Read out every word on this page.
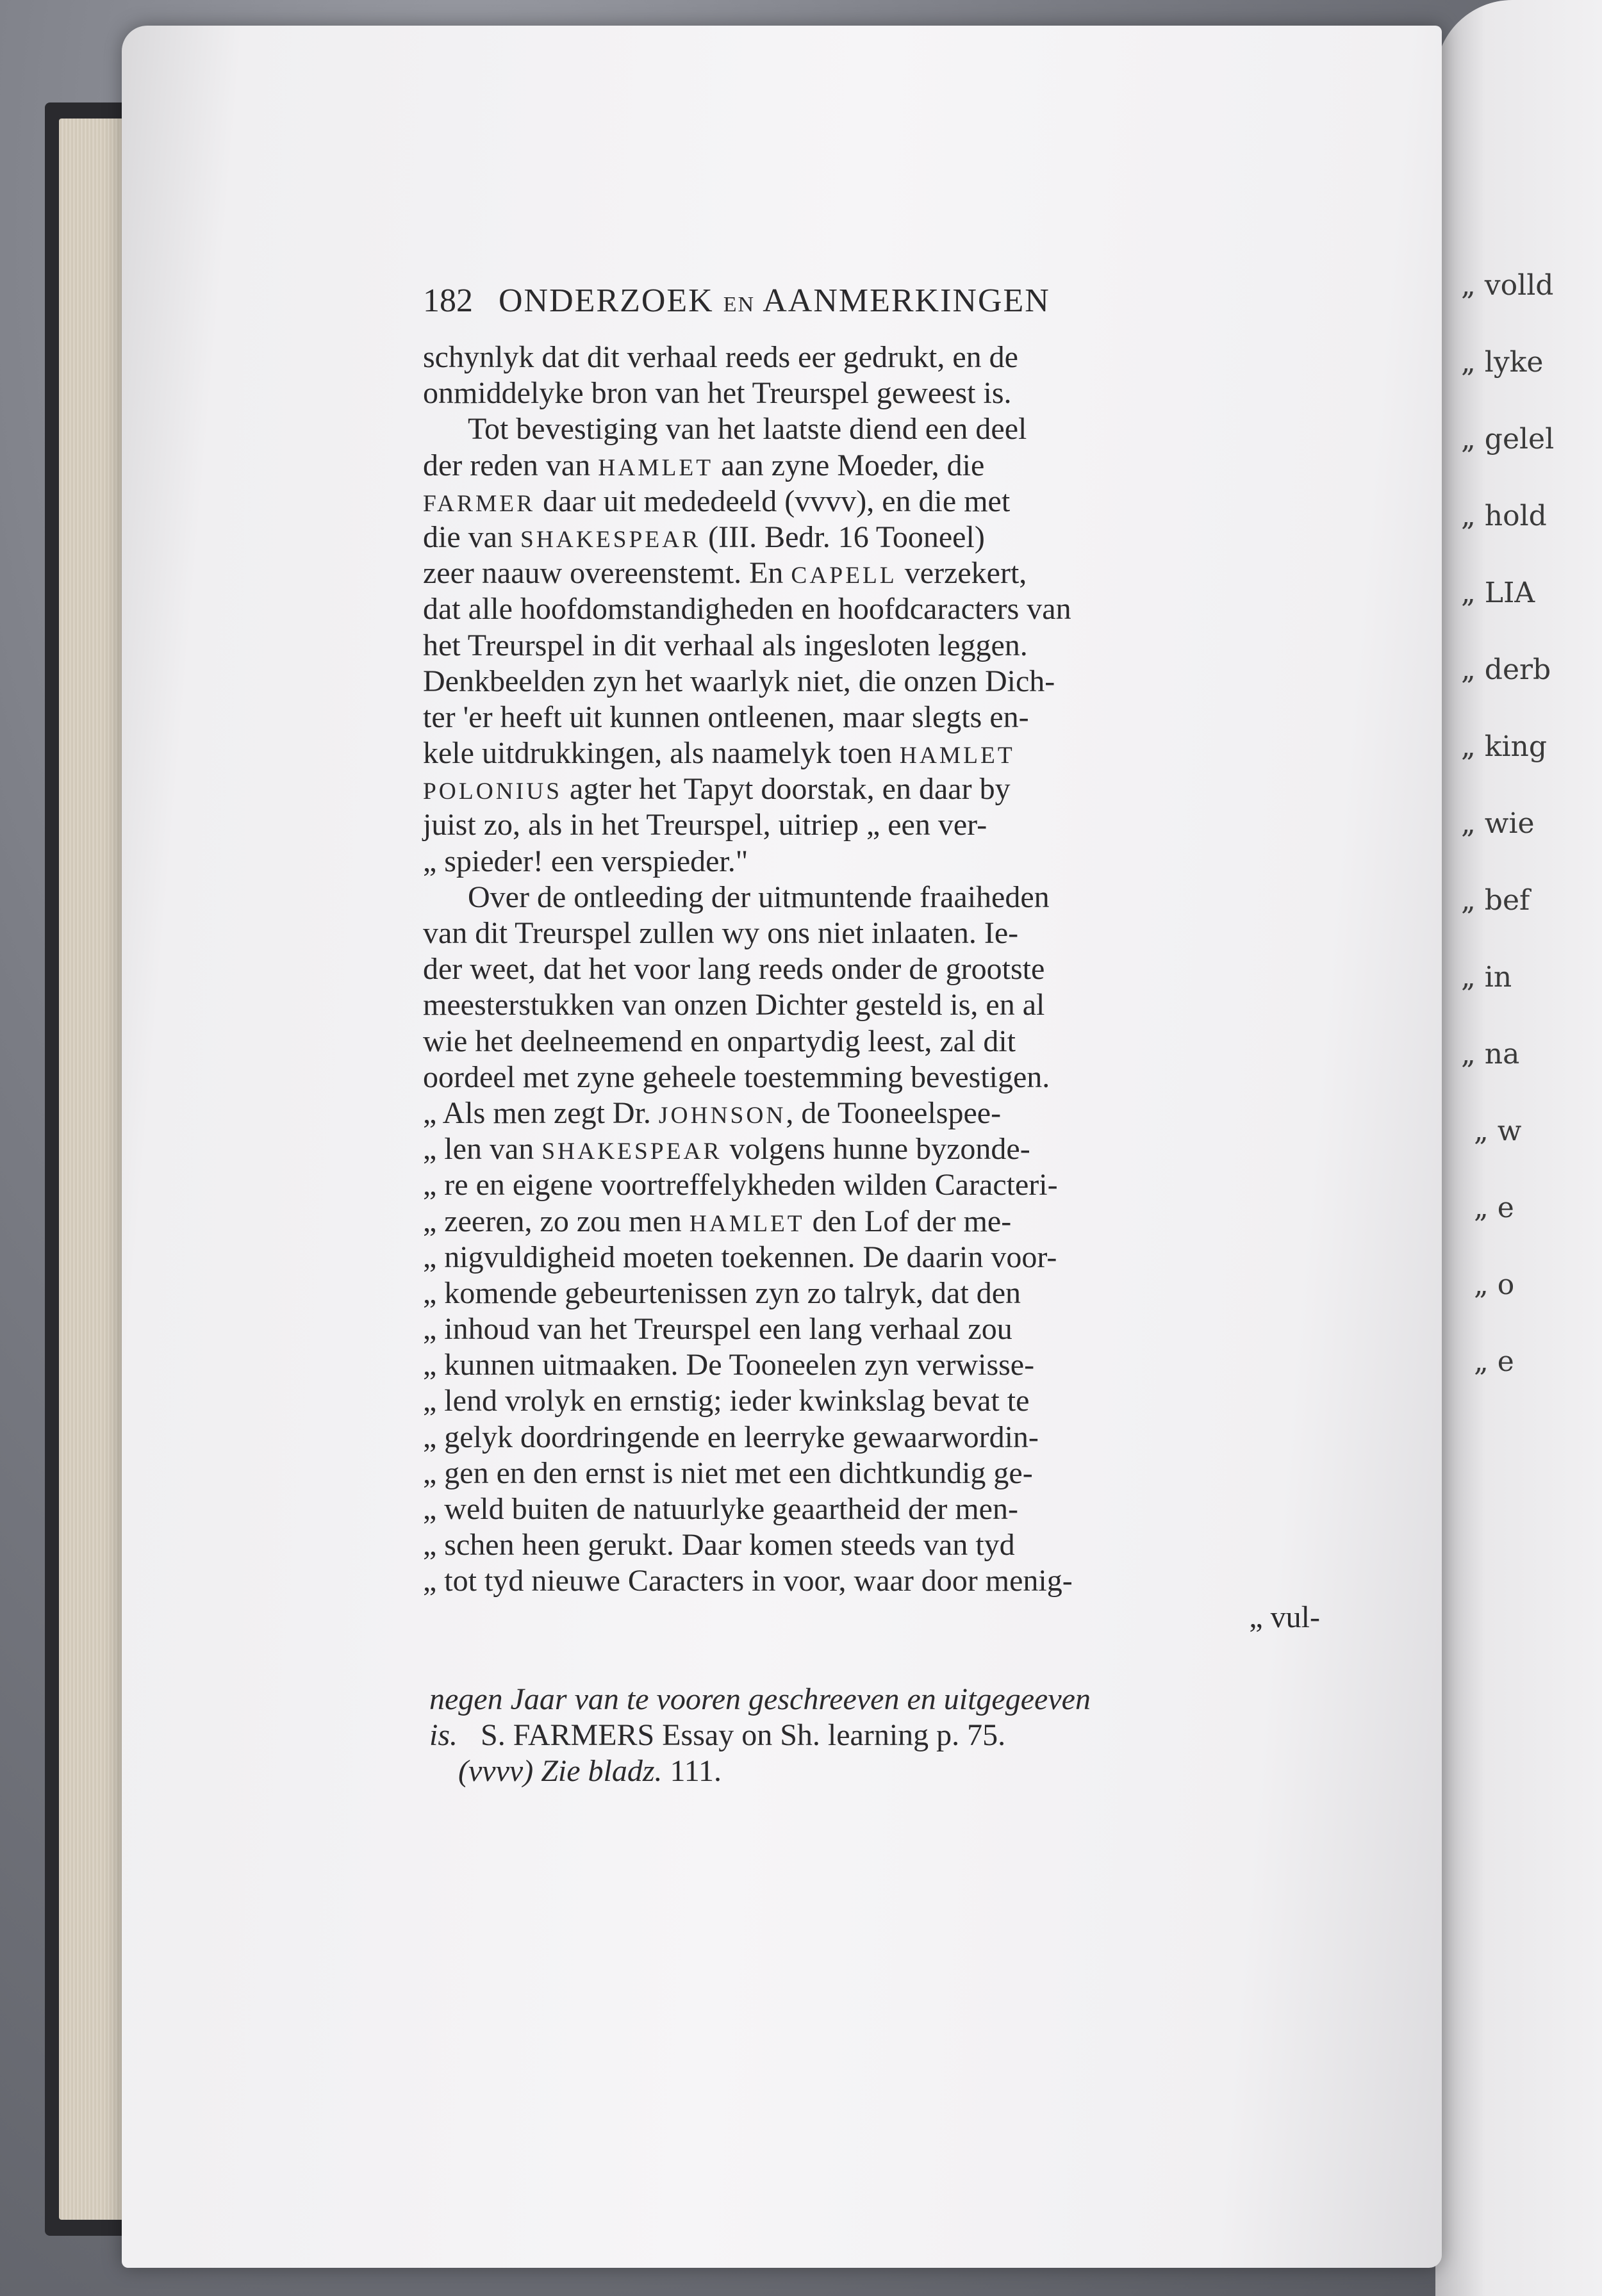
„ volld
„ lyke
„ gelel
„ hold
„ LIA
„ derb
„ king
„ wie
„ bef
„ in
„ na
„ w
„ e
„ o
„ e
182 ONDERZOEK EN AANMERKINGEN
schynlyk dat dit verhaal reeds eer gedrukt, en de
onmiddelyke bron van het Treurspel geweest is.
Tot bevestiging van het laatste diend een deel
der reden van HAMLET aan zyne Moeder, die
FARMER daar uit mededeeld (vvvv), en die met
die van SHAKESPEAR (III. Bedr. 16 Tooneel)
zeer naauw overeenstemt. En CAPELL verzekert,
dat alle hoofdomstandigheden en hoofdcaracters van
het Treurspel in dit verhaal als ingesloten leggen.
Denkbeelden zyn het waarlyk niet, die onzen Dich-
ter 'er heeft uit kunnen ontleenen, maar slegts en-
kele uitdrukkingen, als naamelyk toen HAMLET
POLONIUS agter het Tapyt doorstak, en daar by
juist zo, als in het Treurspel, uitriep „ een ver-
„ spieder! een verspieder."
Over de ontleeding der uitmuntende fraaiheden
van dit Treurspel zullen wy ons niet inlaaten. Ie-
der weet, dat het voor lang reeds onder de grootste
meesterstukken van onzen Dichter gesteld is, en al
wie het deelneemend en onpartydig leest, zal dit
oordeel met zyne geheele toestemming bevestigen.
„ Als men zegt Dr. JOHNSON, de Tooneelspee-
„ len van SHAKESPEAR volgens hunne byzonde-
„ re en eigene voortreffelykheden wilden Caracteri-
„ zeeren, zo zou men HAMLET den Lof der me-
„ nigvuldigheid moeten toekennen. De daarin voor-
„ komende gebeurtenissen zyn zo talryk, dat den
„ inhoud van het Treurspel een lang verhaal zou
„ kunnen uitmaaken. De Tooneelen zyn verwisse-
„ lend vrolyk en ernstig; ieder kwinkslag bevat te
„ gelyk doordringende en leerryke gewaarwordin-
„ gen en den ernst is niet met een dichtkundig ge-
„ weld buiten de natuurlyke geaartheid der men-
„ schen heen gerukt. Daar komen steeds van tyd
„ tot tyd nieuwe Caracters in voor, waar door menig-
„ vul-
negen Jaar van te vooren geschreeven en uitgegeeven
is. S. FARMERS Essay on Sh. learning p. 75.
(vvvv) Zie bladz. 111.
